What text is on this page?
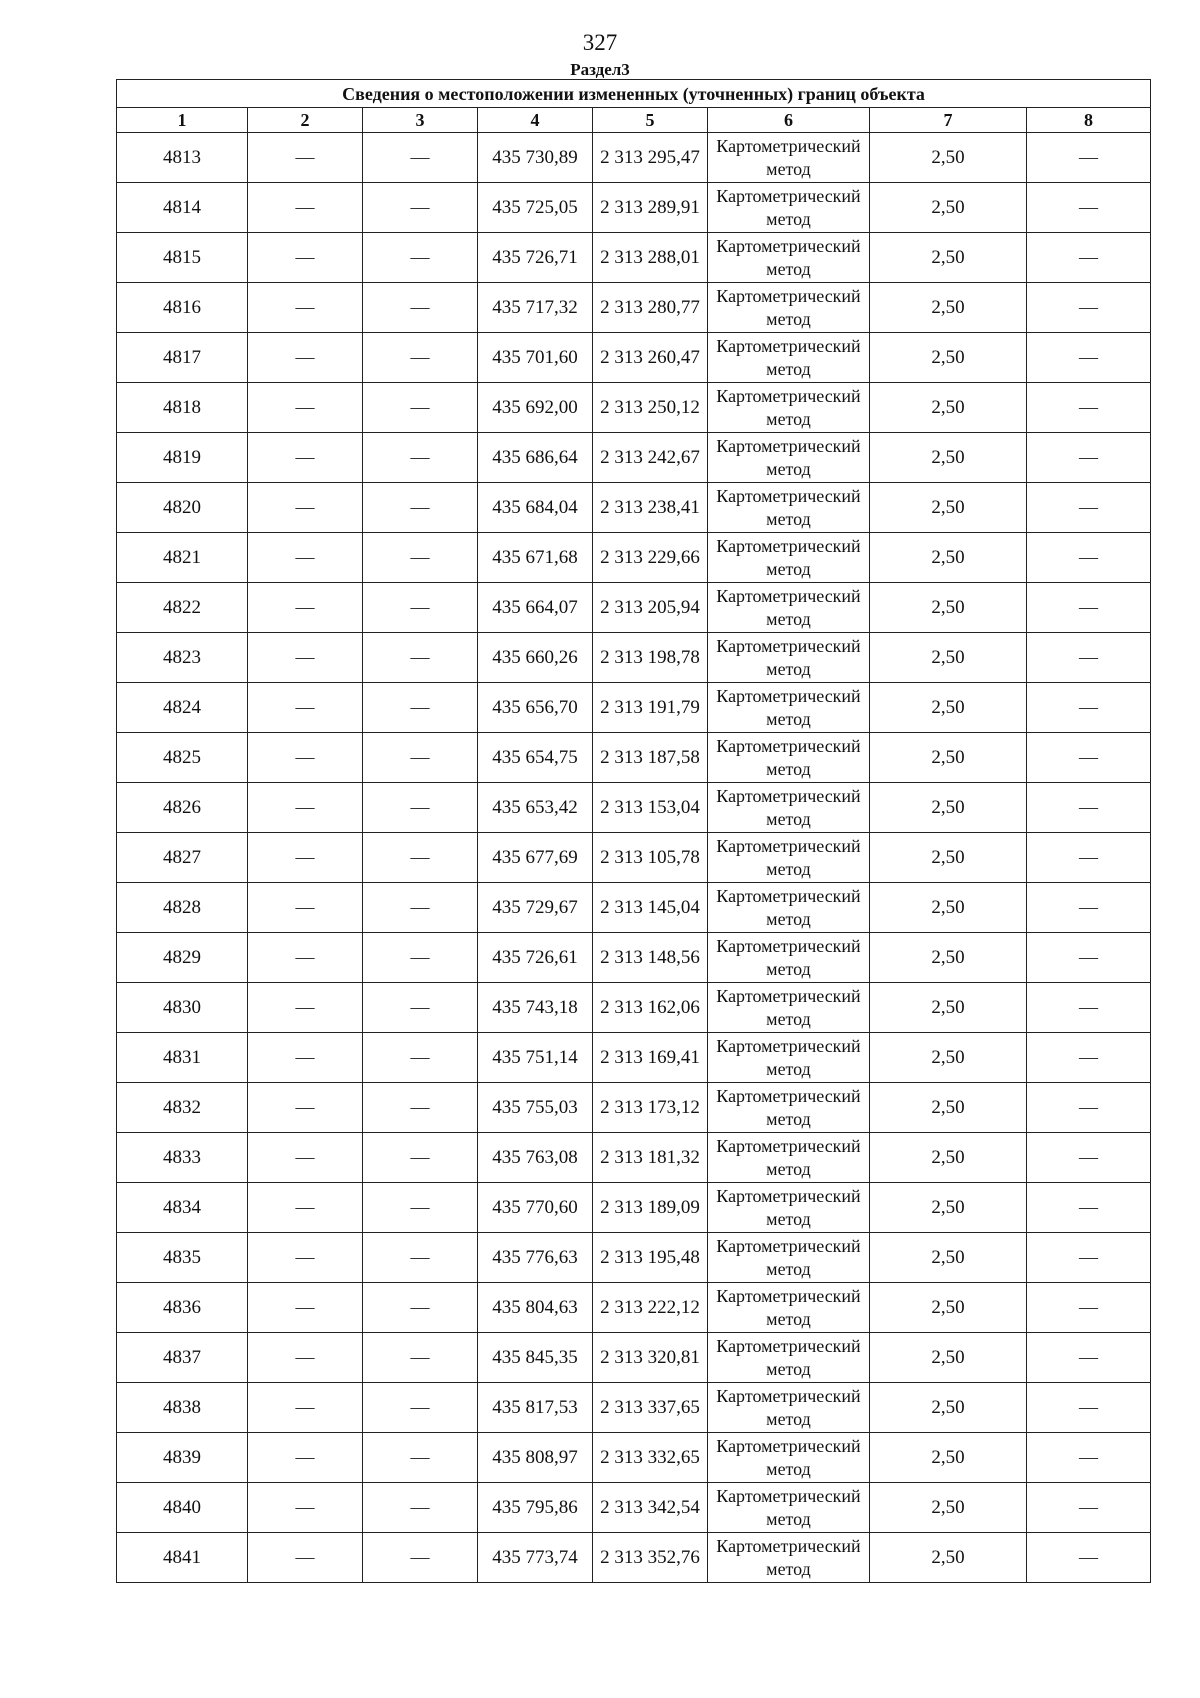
327
Раздел3
Сведения о местоположении измененных (уточненных) границ объекта							
1	2	3	4	5	6	7	8
4813	—	—	435 730,89	2 313 295,47	Картометрический метод	2,50	—
4814	—	—	435 725,05	2 313 289,91	Картометрический метод	2,50	—
4815	—	—	435 726,71	2 313 288,01	Картометрический метод	2,50	—
4816	—	—	435 717,32	2 313 280,77	Картометрический метод	2,50	—
4817	—	—	435 701,60	2 313 260,47	Картометрический метод	2,50	—
4818	—	—	435 692,00	2 313 250,12	Картометрический метод	2,50	—
4819	—	—	435 686,64	2 313 242,67	Картометрический метод	2,50	—
4820	—	—	435 684,04	2 313 238,41	Картометрический метод	2,50	—
4821	—	—	435 671,68	2 313 229,66	Картометрический метод	2,50	—
4822	—	—	435 664,07	2 313 205,94	Картометрический метод	2,50	—
4823	—	—	435 660,26	2 313 198,78	Картометрический метод	2,50	—
4824	—	—	435 656,70	2 313 191,79	Картометрический метод	2,50	—
4825	—	—	435 654,75	2 313 187,58	Картометрический метод	2,50	—
4826	—	—	435 653,42	2 313 153,04	Картометрический метод	2,50	—
4827	—	—	435 677,69	2 313 105,78	Картометрический метод	2,50	—
4828	—	—	435 729,67	2 313 145,04	Картометрический метод	2,50	—
4829	—	—	435 726,61	2 313 148,56	Картометрический метод	2,50	—
4830	—	—	435 743,18	2 313 162,06	Картометрический метод	2,50	—
4831	—	—	435 751,14	2 313 169,41	Картометрический метод	2,50	—
4832	—	—	435 755,03	2 313 173,12	Картометрический метод	2,50	—
4833	—	—	435 763,08	2 313 181,32	Картометрический метод	2,50	—
4834	—	—	435 770,60	2 313 189,09	Картометрический метод	2,50	—
4835	—	—	435 776,63	2 313 195,48	Картометрический метод	2,50	—
4836	—	—	435 804,63	2 313 222,12	Картометрический метод	2,50	—
4837	—	—	435 845,35	2 313 320,81	Картометрический метод	2,50	—
4838	—	—	435 817,53	2 313 337,65	Картометрический метод	2,50	—
4839	—	—	435 808,97	2 313 332,65	Картометрический метод	2,50	—
4840	—	—	435 795,86	2 313 342,54	Картометрический метод	2,50	—
4841	—	—	435 773,74	2 313 352,76	Картометрический метод	2,50	—
